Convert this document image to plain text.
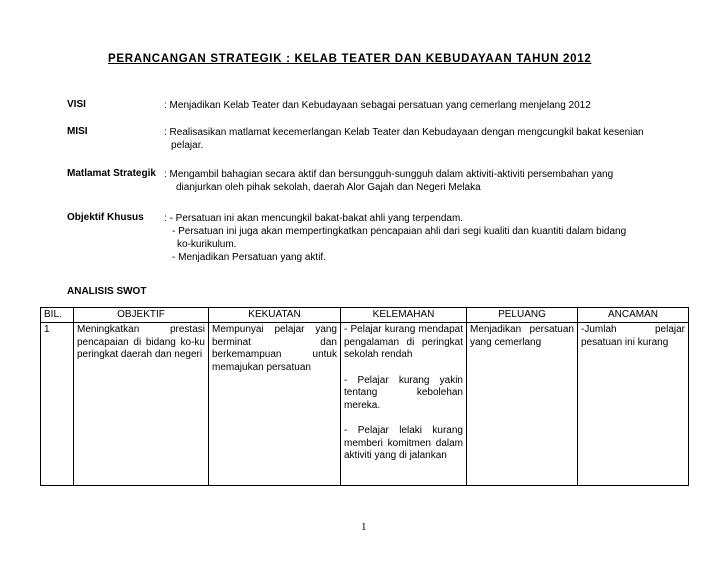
PERANCANGAN STRATEGIK : KELAB TEATER DAN KEBUDAYAAN TAHUN 2012
VISI	: Menjadikan Kelab Teater dan Kebudayaan sebagai persatuan yang cemerlang menjelang 2012
MISI	: Realisasikan matlamat kecemerlangan Kelab Teater dan Kebudayaan dengan mengcungkil bakat kesenian
pelajar.
Matlamat Strategik : Mengambil bahagian secara aktif dan bersungguh-sungguh dalam aktiviti-aktiviti persembahan yang
dianjurkan oleh pihak sekolah, daerah Alor Gajah dan Negeri Melaka
Objektif Khusus : - Persatuan ini akan mencungkil bakat-bakat ahli yang terpendam.
- Persatuan ini juga akan mempertingkatkan pencapaian ahli dari segi kualiti dan kuantiti dalam bidang
ko-kurikulum.
- Menjadikan Persatuan yang aktif.
ANALISIS SWOT
BIL.	OBJEKTIF	KEKUATAN	KELEMAHAN	PELUANG	ANCAMAN
1	Meningkatkan prestasi pencapaian di bidang ko-ku peringkat daerah dan negeri	Mempunyai pelajar yang berminat dan berkemampuan untuk memajukan persatuan	- Pelajar kurang mendapat pengalaman di peringkat sekolah rendah
- Pelajar kurang yakin tentang kebolehan mereka.
- Pelajar lelaki kurang memberi komitmen dalam aktiviti yang di jalankan	Menjadikan persatuan yang cemerlang	-Jumlah pelajar pesatuan ini kurang
1
